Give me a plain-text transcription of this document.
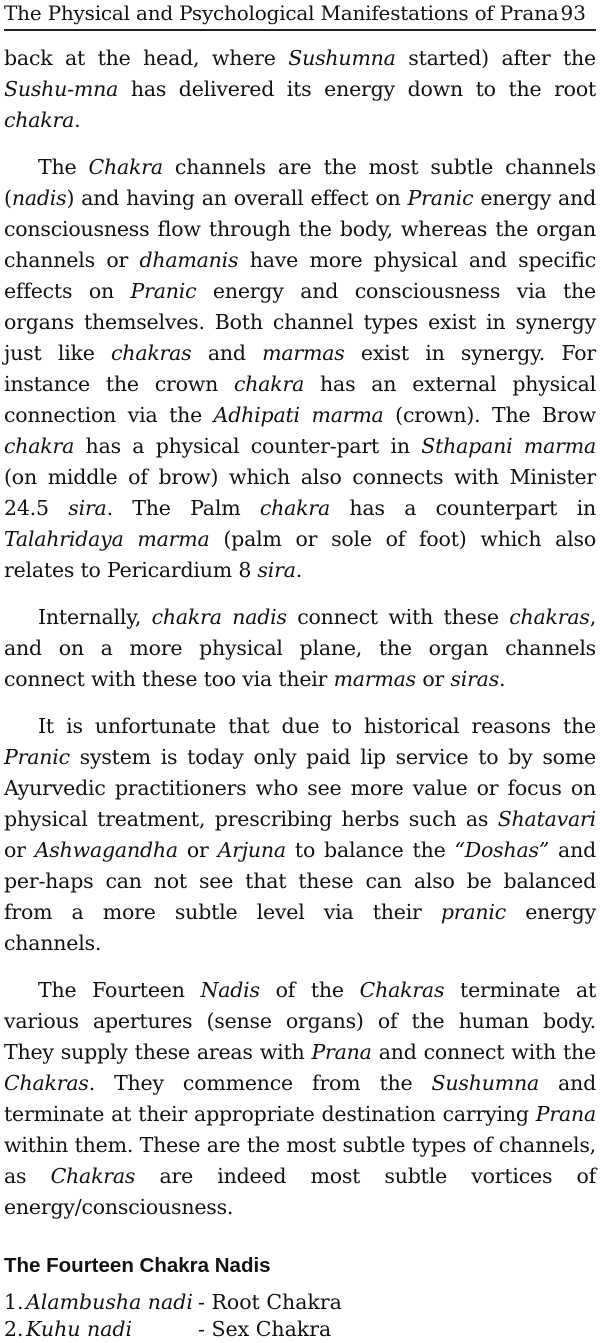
The Physical and Psychological Manifestations of Prana 93

back at the head, where Sushumna started) after the Sushu-mna has delivered its energy down to the root chakra.

The Chakra channels are the most subtle channels (nadis) and having an overall effect on Pranic energy and consciousness flow through the body, whereas the organ channels or dhamanis have more physical and specific effects on Pranic energy and consciousness via the organs themselves. Both channel types exist in synergy just like chakras and marmas exist in synergy. For instance the crown chakra has an external physical connection via the Adhipati marma (crown). The Brow chakra has a physical counter-part in Sthapani marma (on middle of brow) which also connects with Minister 24.5 sira. The Palm chakra has a counterpart in Talahridaya marma (palm or sole of foot) which also relates to Pericardium 8 sira.

Internally, chakra nadis connect with these chakras, and on a more physical plane, the organ channels connect with these too via their marmas or siras.

It is unfortunate that due to historical reasons the Pranic system is today only paid lip service to by some Ayurvedic practitioners who see more value or focus on physical treatment, prescribing herbs such as Shatavari or Ashwagandha or Arjuna to balance the “Doshas” and per-haps can not see that these can also be balanced from a more subtle level via their pranic energy channels.

The Fourteen Nadis of the Chakras terminate at various apertures (sense organs) of the human body. They supply these areas with Prana and connect with the Chakras. They commence from the Sushumna and terminate at their appropriate destination carrying Prana within them. These are the most subtle types of channels, as Chakras are indeed most subtle vortices of energy/consciousness.

The Fourteen Chakra Nadis
1. Alambusha nadi - Root Chakra
2. Kuhu nadi	- Sex Chakra
